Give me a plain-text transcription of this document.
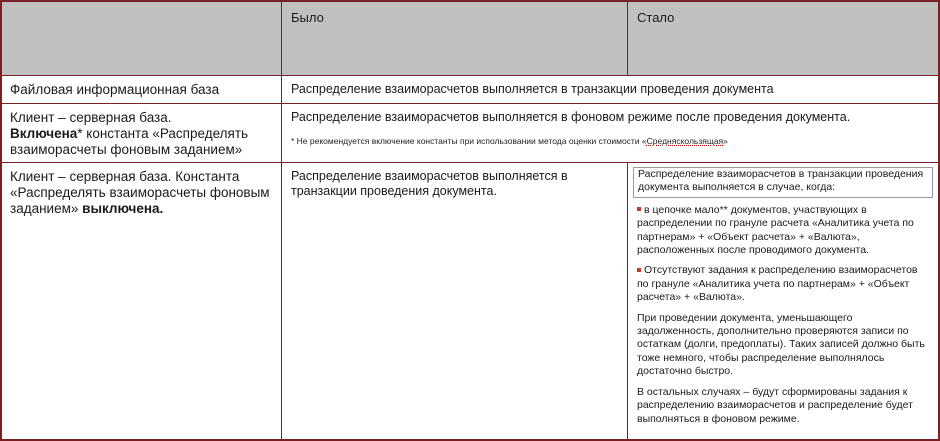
Было	Стало
Файловая информационная база	Распределение взаиморасчетов выполняется в транзакции проведения документа
Клиент – серверная база.
Включена* константа «Распределять взаиморасчеты фоновым заданием»
Распределение взаиморасчетов выполняется в фоновом режиме после проведения документа.
* Не рекомендуется включение константы при использовании метода оценки стоимости «Средняскользящая»
Клиент – серверная база. Константа «Распределять взаиморасчеты фоновым заданием» выключена.
Распределение взаиморасчетов выполняется в транзакции проведения документа.
Распределение взаиморасчетов в транзакции проведения документа выполняется в случае, когда:

в цепочке мало** документов, участвующих в распределении по грануле расчета «Аналитика учета по партнерам» + «Объект расчета» + «Валюта», расположенных после проводимого документа.

Отсутствуют задания к распределению взаиморасчетов по грануле «Аналитика учета по партнерам» + «Объект расчета» + «Валюта».

При проведении документа, уменьшающего задолженность, дополнительно проверяются записи по остаткам (долги, предоплаты). Таких записей должно быть тоже немного, чтобы распределение выполнялось достаточно быстро.

В остальных случаях – будут сформированы задания к распределению взаиморасчетов и распределение будет выполняться в фоновом режиме.
